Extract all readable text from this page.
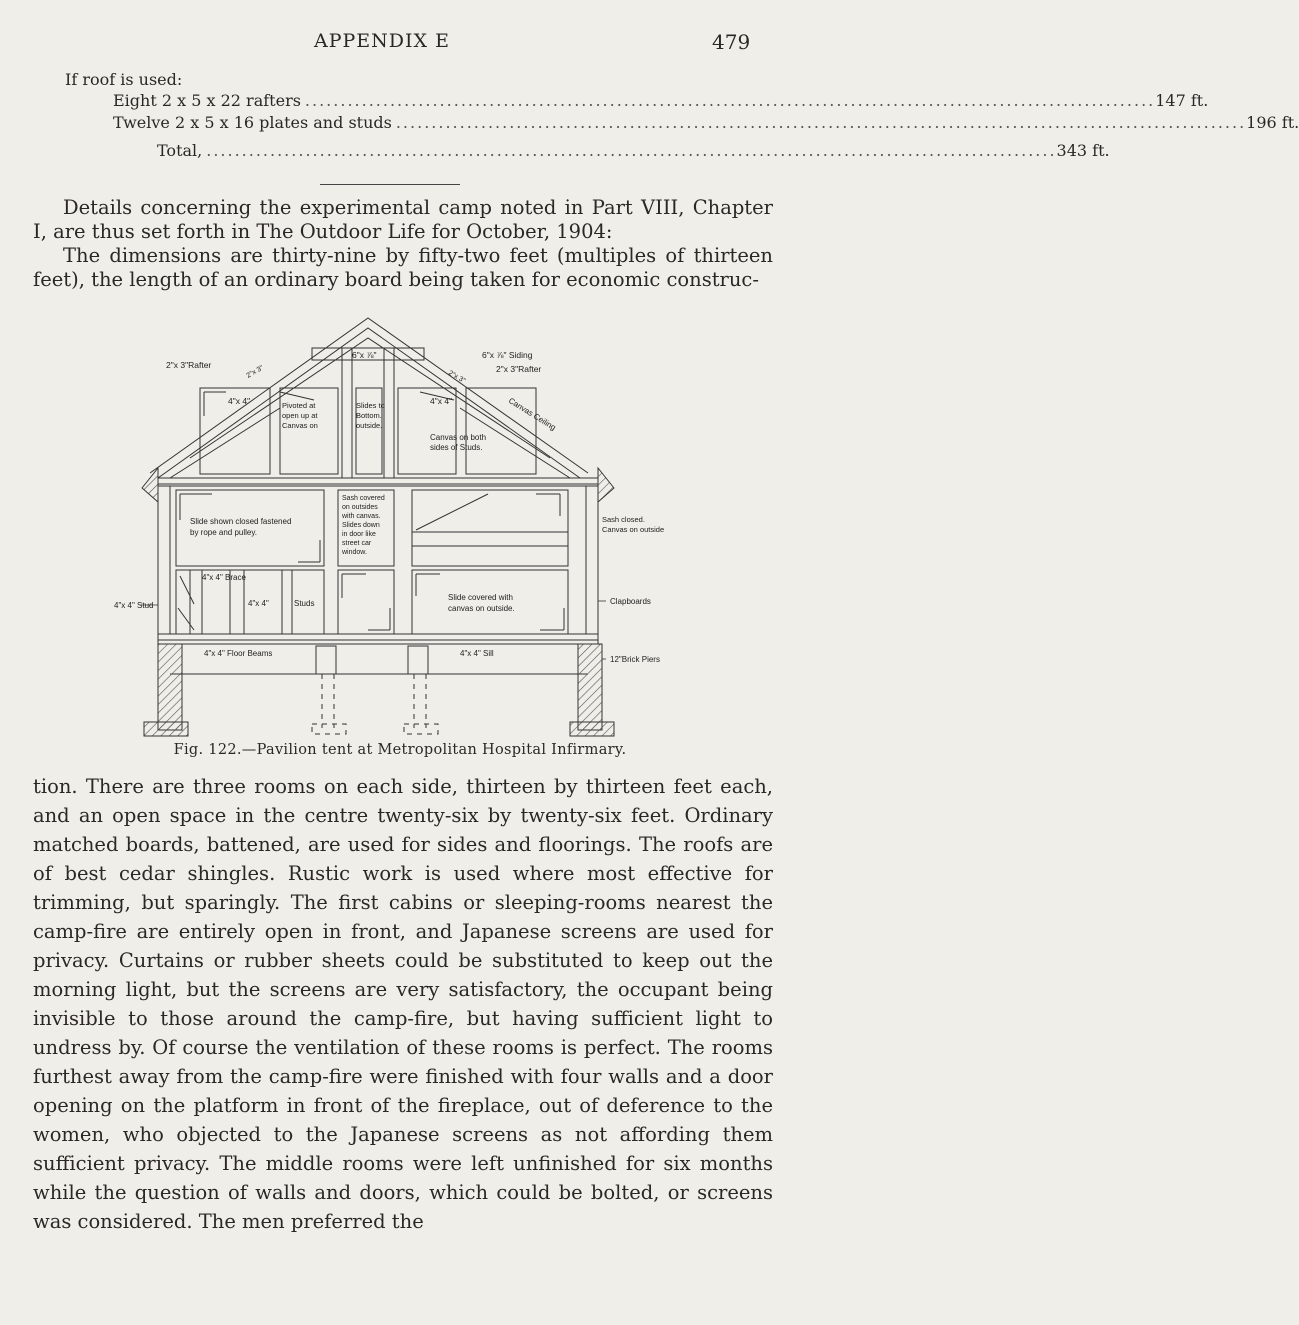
APPENDIX E	479
If roof is used:
Eight 2 x 5 x 22 rafters .....	147 ft.
Twelve 2 x 5 x 16 plates and studs .....	196 ft.
Total, .....	343 ft.

Details concerning the experimental camp noted in Part VIII, Chapter I, are thus set forth in The Outdoor Life for October, 1904:

The dimensions are thirty-nine by fifty-two feet (multiples of thirteen feet), the length of an ordinary board being taken for economic construc-

2"x 3"Rafter	2"x 3"
4"x 4"
6"x ⅞"	6"x ⅞" Siding
2"x 3"Rafter
2"x 3"
Canvas Ceiling
Pivoted at
open up at
Canvas on
Slides to
Bottom.
outside.
4"x 4"
Canvas on both
sides of Studs.
Slide shown closed fastened
by rope and pulley.
Sash covered
on outsides
with canvas.
Slides down
in door like
street car
window.
Sash closed.
Canvas on outside
4"x 4" Brace
4"x 4"	Studs
Slide covered with
canvas on outside.
Clapboards
4"x 4" Stud
4"x 4" Floor Beams	4"x 4" Sill
12"Brick Piers
Fig. 122.—Pavilion tent at Metropolitan Hospital Infirmary.

tion. There are three rooms on each side, thirteen by thirteen feet each, and an open space in the centre twenty-six by twenty-six feet. Ordinary matched boards, battened, are used for sides and floorings. The roofs are of best cedar shingles. Rustic work is used where most effective for trimming, but sparingly. The first cabins or sleeping-rooms nearest the camp-fire are entirely open in front, and Japanese screens are used for privacy. Curtains or rubber sheets could be substituted to keep out the morning light, but the screens are very satisfactory, the occupant being invisible to those around the camp-fire, but having sufficient light to undress by. Of course the ventilation of these rooms is perfect. The rooms furthest away from the camp-fire were finished with four walls and a door opening on the platform in front of the fireplace, out of deference to the women, who objected to the Japanese screens as not affording them sufficient privacy. The middle rooms were left unfinished for six months while the question of walls and doors, which could be bolted, or screens was considered. The men preferred the
